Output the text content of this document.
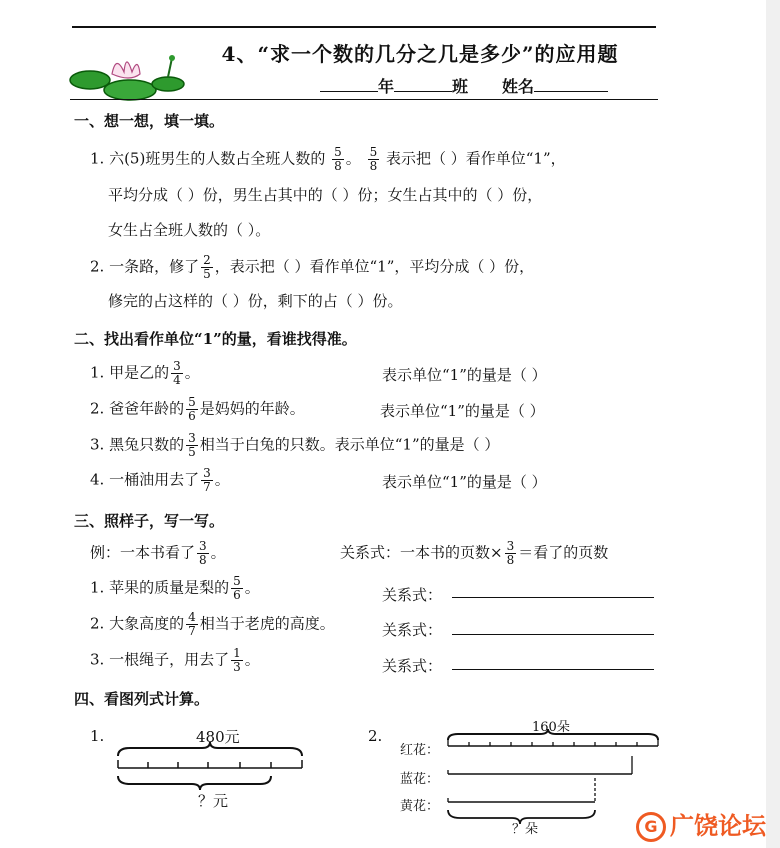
4、“求一个数的几分之几是多少”的应用题
年	班 姓名
一、想一想，填一填。
1. 六(5)班男生的人数占全班人数的 $\frac{5}{8}$ 。 $\frac{5}{8}$ 表示把（ ）看作单位“1”，
平均分成（ ）份，男生占其中的（ ）份；女生占其中的（ ）份，
女生占全班人数的（ ）。
2. 一条路，修了 $\frac{2}{5}$ ，表示把（ ）看作单位“1”，平均分成（ ）份，
修完的占这样的（ ）份，剩下的占（ ）份。
二、找出看作单位“1”的量，看谁找得准。
1. 甲是乙的 $\frac{3}{4}$ 。	表示单位“1”的量是（ ）
2. 爸爸年龄的 $\frac{5}{6}$ 是妈妈的年龄。	表示单位“1”的量是（ ）
3. 黑兔只数的 $\frac{3}{5}$ 相当于白兔的只数。表示单位“1”的量是（ ）
4. 一桶油用去了 $\frac{3}{7}$ 。	表示单位“1”的量是（ ）
三、照样子，写一写。
例：一本书看了 $\frac{3}{8}$ 。	关系式：一本书的页数× $\frac{3}{8}$ ＝看了的页数
1. 苹果的质量是梨的 $\frac{5}{6}$ 。	关系式：
2. 大象高度的 $\frac{4}{7}$ 相当于老虎的高度。	关系式：
3. 一根绳子，用去了 $\frac{1}{3}$ 。	关系式：
四、看图列式计算。
1.	480元
？元
2.	160朵
红花：
蓝花：
黄花：
？朵	G 广饶论坛
